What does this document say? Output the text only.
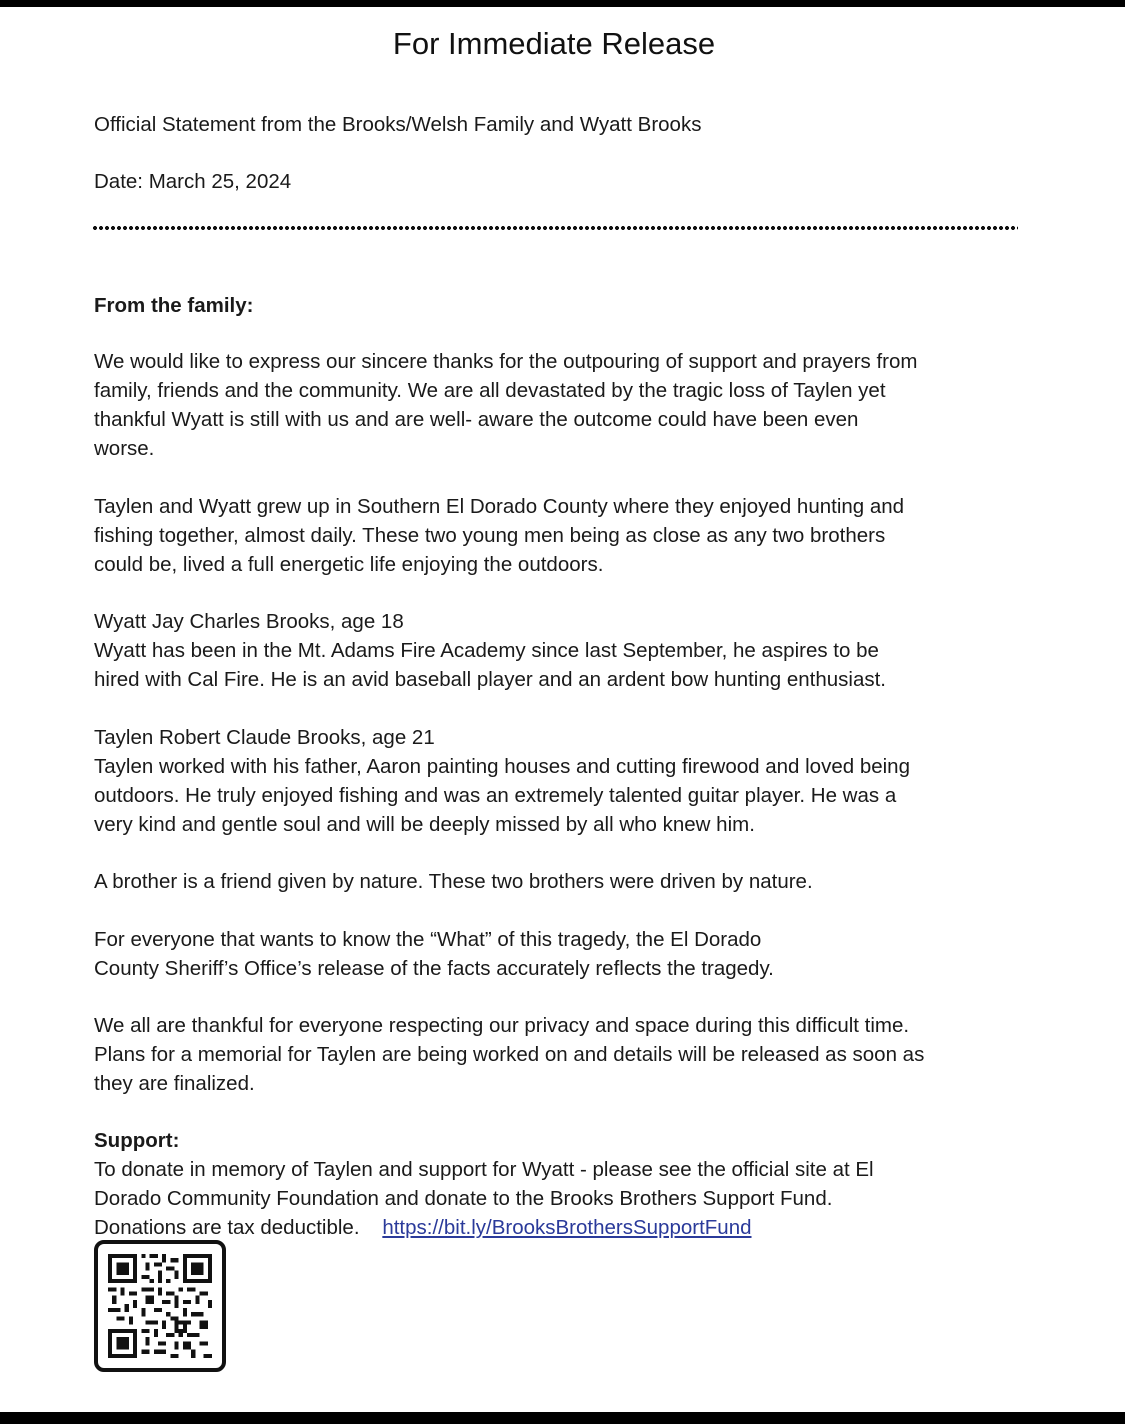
For Immediate Release
Official Statement from the Brooks/Welsh Family and Wyatt Brooks
Date: March 25, 2024
From the family:
We would like to express our sincere thanks for the outpouring of support and prayers from
family, friends and the community. We are all devastated by the tragic loss of Taylen yet
thankful Wyatt is still with us and are well- aware the outcome could have been even
worse.
Taylen and Wyatt grew up in Southern El Dorado County where they enjoyed hunting and
fishing together, almost daily. These two young men being as close as any two brothers
could be, lived a full energetic life enjoying the outdoors.
Wyatt Jay Charles Brooks, age 18
Wyatt has been in the Mt. Adams Fire Academy since last September, he aspires to be
hired with Cal Fire. He is an avid baseball player and an ardent bow hunting enthusiast.
Taylen Robert Claude Brooks, age 21
Taylen worked with his father, Aaron painting houses and cutting firewood and loved being
outdoors. He truly enjoyed fishing and was an extremely talented guitar player. He was a
very kind and gentle soul and will be deeply missed by all who knew him.
A brother is a friend given by nature. These two brothers were driven by nature.
For everyone that wants to know the “What” of this tragedy, the El Dorado
County Sheriff’s Office’s release of the facts accurately reflects the tragedy.
We all are thankful for everyone respecting our privacy and space during this difficult time.
Plans for a memorial for Taylen are being worked on and details will be released as soon as
they are finalized.
Support:
To donate in memory of Taylen and support for Wyatt - please see the official site at El
Dorado Community Foundation and donate to the Brooks Brothers Support Fund.
Donations are tax deductible. https://bit.ly/BrooksBrothersSupportFund
